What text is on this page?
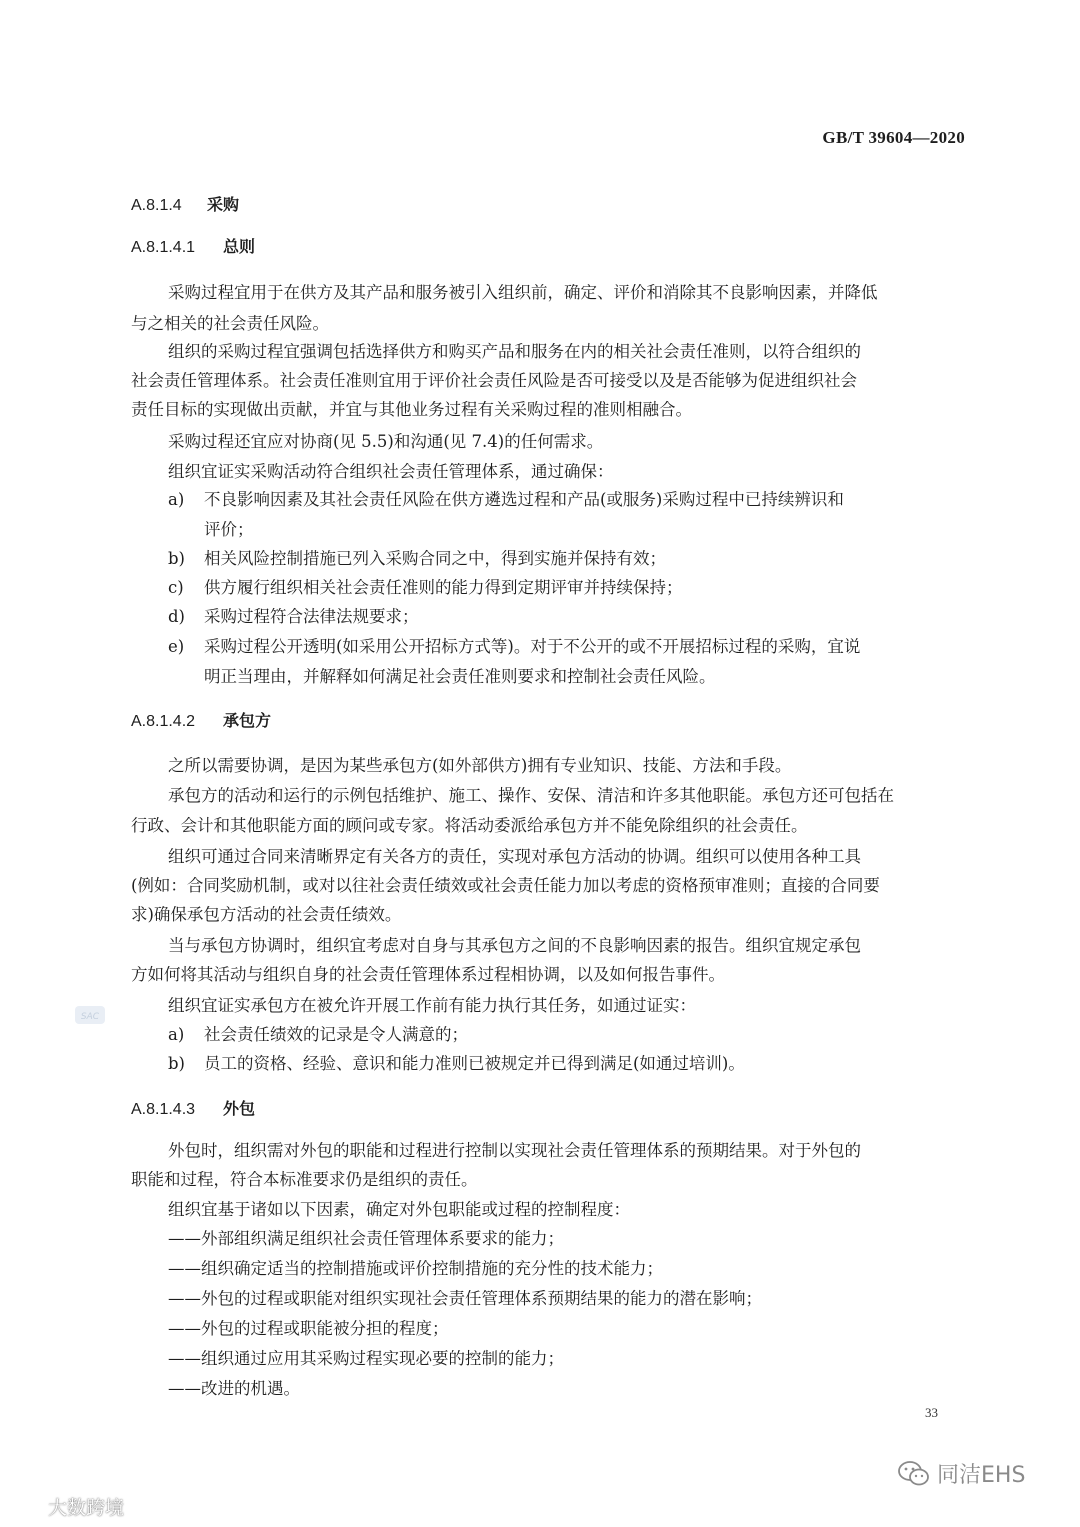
GB/T 39604—2020
A.8.1.4 采购
A.8.1.4.1 总则
采购过程宜用于在供方及其产品和服务被引入组织前，确定、评价和消除其不良影响因素，并降低
与之相关的社会责任风险。
组织的采购过程宜强调包括选择供方和购买产品和服务在内的相关社会责任准则，以符合组织的
社会责任管理体系。社会责任准则宜用于评价社会责任风险是否可接受以及是否能够为促进组织社会
责任目标的实现做出贡献，并宜与其他业务过程有关采购过程的准则相融合。
采购过程还宜应对协商(见 5.5)和沟通(见 7.4)的任何需求。
组织宜证实采购活动符合组织社会责任管理体系，通过确保：
a) 不良影响因素及其社会责任风险在供方遴选过程和产品(或服务)采购过程中已持续辨识和
评价；
b) 相关风险控制措施已列入采购合同之中，得到实施并保持有效；
c) 供方履行组织相关社会责任准则的能力得到定期评审并持续保持；
d) 采购过程符合法律法规要求；
e) 采购过程公开透明(如采用公开招标方式等)。对于不公开的或不开展招标过程的采购，宜说
明正当理由，并解释如何满足社会责任准则要求和控制社会责任风险。
A.8.1.4.2 承包方
之所以需要协调，是因为某些承包方(如外部供方)拥有专业知识、技能、方法和手段。
承包方的活动和运行的示例包括维护、施工、操作、安保、清洁和许多其他职能。承包方还可包括在
行政、会计和其他职能方面的顾问或专家。将活动委派给承包方并不能免除组织的社会责任。
组织可通过合同来清晰界定有关各方的责任，实现对承包方活动的协调。组织可以使用各种工具
(例如：合同奖励机制，或对以往社会责任绩效或社会责任能力加以考虑的资格预审准则；直接的合同要
求)确保承包方活动的社会责任绩效。
当与承包方协调时，组织宜考虑对自身与其承包方之间的不良影响因素的报告。组织宜规定承包
方如何将其活动与组织自身的社会责任管理体系过程相协调，以及如何报告事件。
组织宜证实承包方在被允许开展工作前有能力执行其任务，如通过证实：
a) 社会责任绩效的记录是令人满意的；
b) 员工的资格、经验、意识和能力准则已被规定并已得到满足(如通过培训)。
A.8.1.4.3 外包
外包时，组织需对外包的职能和过程进行控制以实现社会责任管理体系的预期结果。对于外包的
职能和过程，符合本标准要求仍是组织的责任。
组织宜基于诸如以下因素，确定对外包职能或过程的控制程度：
——外部组织满足组织社会责任管理体系要求的能力；
——组织确定适当的控制措施或评价控制措施的充分性的技术能力；
——外包的过程或职能对组织实现社会责任管理体系预期结果的能力的潜在影响；
——外包的过程或职能被分担的程度；
——组织通过应用其采购过程实现必要的控制的能力；
——改进的机遇。
33
SAC
大数跨境
同洁EHS
